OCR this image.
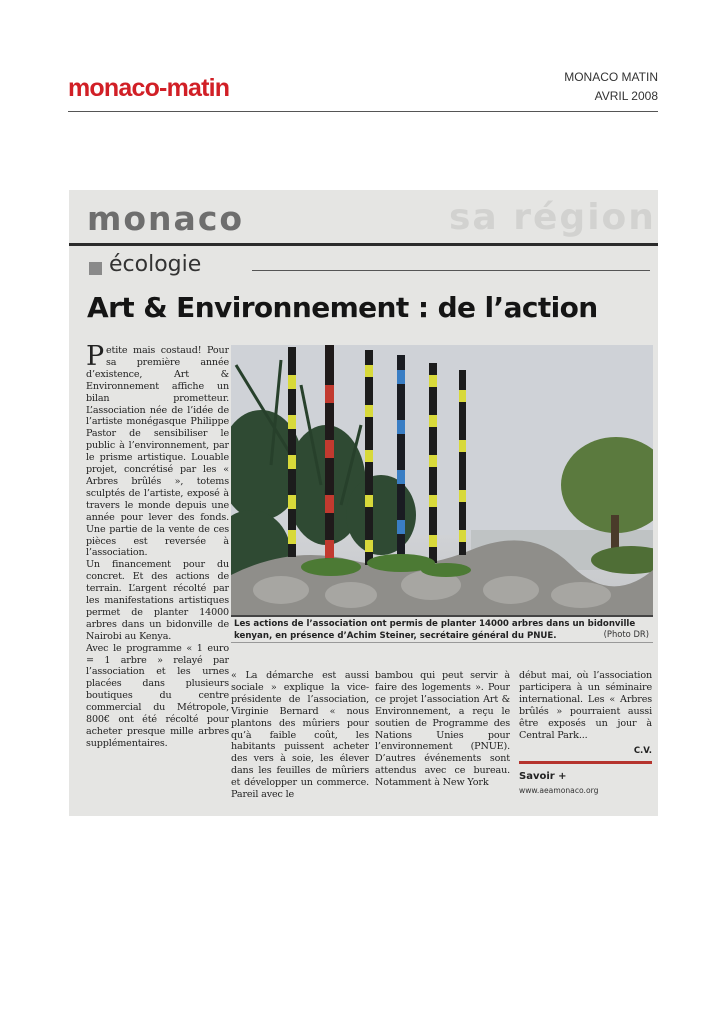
monaco-matin	MONACO MATIN
AVRIL 2008
monaco	sa région
écologie
Art & Environnement : de l’action

Petite mais costaud! Pour sa première année d’existence, Art & Environnement affiche un bilan prometteur. L’association née de l’idée de l’artiste monégasque Philippe Pastor de sensibiliser le public à l’environnement, par le prisme artistique. Louable projet, concrétisé par les « Arbres brûlés », totems sculptés de l’artiste, exposé à travers le monde depuis une année pour lever des fonds. Une partie de la vente de ces pièces est reversée à l’association.

Un financement pour du concret. Et des actions de terrain. L’argent récolté par les manifestations artistiques permet de planter 14000 arbres dans un bidonville de Nairobi au Kenya.

Avec le programme « 1 euro = 1 arbre » relayé par l’association et les urnes placées dans plusieurs boutiques du centre commercial du Métropole, 800€ ont été récolté pour acheter presque mille arbres supplémentaires.

Les actions de l’association ont permis de planter 14000 arbres dans un bidonville kenyan, en présence d’Achim Steiner, secrétaire général du PNUE.	(Photo DR)

« La démarche est aussi sociale » explique la vice-présidente de l’association, Virginie Bernard « nous plantons des mûriers pour qu’à faible coût, les habitants puissent acheter des vers à soie, les élever dans les feuilles de mûriers et développer un commerce. Pareil avec le

bambou qui peut servir à faire des logements ». Pour ce projet l’association Art & Environnement, a reçu le soutien de Programme des Nations Unies pour l’environnement (PNUE). D’autres événements sont attendus avec ce bureau. Notamment à New York

début mai, où l’association participera à un séminaire international. Les « Arbres brûlés » pourraient aussi être exposés un jour à Central Park...

C.V.
Savoir +
www.aeamonaco.org
